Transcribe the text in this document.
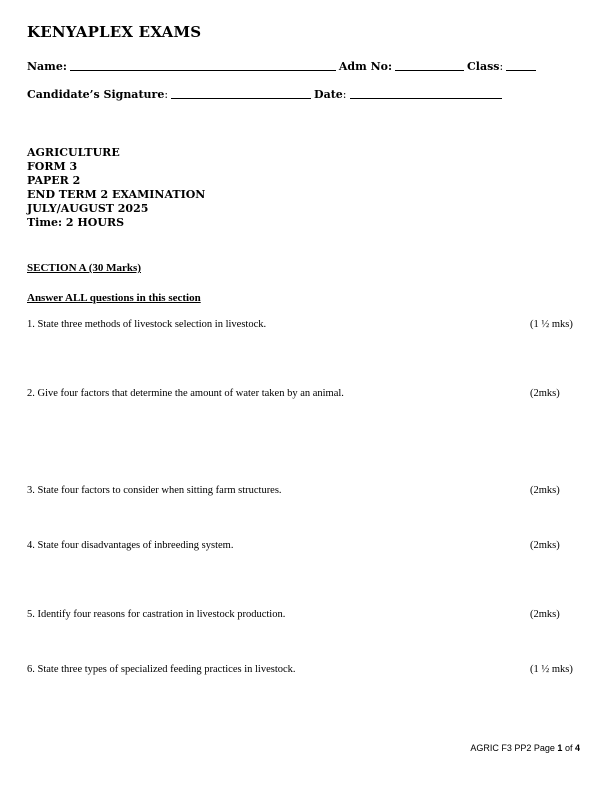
KENYAPLEX EXAMS
Name:	Adm No:	Class :
Candidate’s Signature :	Date :
AGRICULTURE
FORM 3
PAPER 2
END TERM 2 EXAMINATION
JULY/AUGUST 2025
Time: 2 HOURS
SECTION A (30 Marks)
Answer ALL questions in this section
1. State three methods of livestock selection in livestock.	(1 ½ mks)
2. Give four factors that determine the amount of water taken by an animal.	(2mks)
3. State four factors to consider when sitting farm structures.	(2mks)
4. State four disadvantages of inbreeding system.	(2mks)
5. Identify four reasons for castration in livestock production.	(2mks)
6. State three types of specialized feeding practices in livestock.	(1 ½ mks)
AGRIC F3 PP2 Page 1 of 4
